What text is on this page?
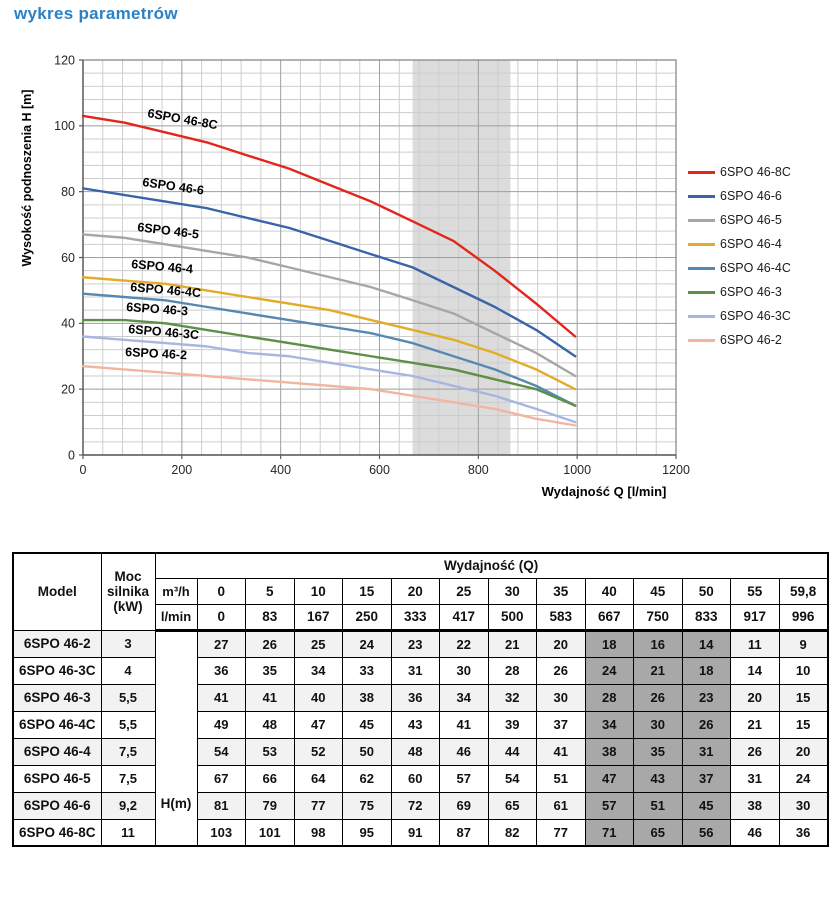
wykres parametrów
6SPO 46-8C
6SPO 46-6
6SPO 46-5
6SPO 46-4
6SPO 46-4C
6SPO 46-3
6SPO 46-3C
6SPO 46-2
0	200	400	600	800	1000	1200
0
20
40
60
80
100
120
Wysokość podnoszenia H [m]
Wydajność Q [l/min]
6SPO 46-8C
6SPO 46-6
6SPO 46-5
6SPO 46-4
6SPO 46-4C
6SPO 46-3
6SPO 46-3C
6SPO 46-2
Model	Moc silnika (kW)	Wydajność (Q)													
		m³/h	0	5	10	15	20	25	30	35	40	45	50	55	59,8
		l/min	0	83	167	250	333	417	500	583	667	750	833	917	996
6SPO 46-2	3	H(m)	27	26	25	24	23	22	21	20	18	16	14	11	9
6SPO 46-3C	4		36	35	34	33	31	30	28	26	24	21	18	14	10
6SPO 46-3	5,5		41	41	40	38	36	34	32	30	28	26	23	20	15
6SPO 46-4C	5,5		49	48	47	45	43	41	39	37	34	30	26	21	15
6SPO 46-4	7,5		54	53	52	50	48	46	44	41	38	35	31	26	20
6SPO 46-5	7,5		67	66	64	62	60	57	54	51	47	43	37	31	24
6SPO 46-6	9,2		81	79	77	75	72	69	65	61	57	51	45	38	30
6SPO 46-8C	11		103	101	98	95	91	87	82	77	71	65	56	46	36
